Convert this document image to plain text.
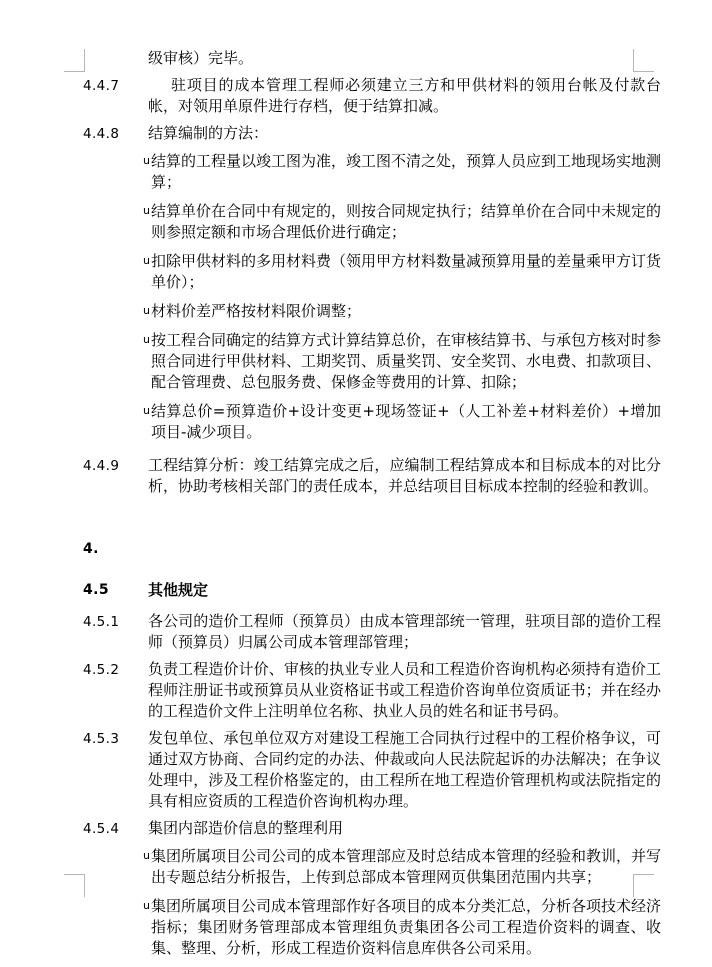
级审核）完毕。
4.4.7	驻项目的成本管理工程师必须建立三方和甲供材料的领用台帐及付款台帐，对领用单原件进行存档，便于结算扣减。
4.4.8	结算编制的方法：
u 结算的工程量以竣工图为准，竣工图不清之处，预算人员应到工地现场实地测算；
u 结算单价在合同中有规定的，则按合同规定执行；结算单价在合同中未规定的则参照定额和市场合理低价进行确定；
u 扣除甲供材料的多用材料费（领用甲方材料数量减预算用量的差量乘甲方订货单价）；
u 材料价差严格按材料限价调整；
u 按工程合同确定的结算方式计算结算总价，在审核结算书、与承包方核对时参照合同进行甲供材料、工期奖罚、质量奖罚、安全奖罚、水电费、扣款项目、配合管理费、总包服务费、保修金等费用的计算、扣除；
u 结算总价=预算造价+设计变更+现场签证+（人工补差+材料差价）+增加项目-减少项目。
4.4.9	工程结算分析：竣工结算完成之后，应编制工程结算成本和目标成本的对比分析，协助考核相关部门的责任成本，并总结项目目标成本控制的经验和教训。
4.
4.5	其他规定
4.5.1	各公司的造价工程师（预算员）由成本管理部统一管理，驻项目部的造价工程师（预算员）归属公司成本管理部管理；
4.5.2	负责工程造价计价、审核的执业专业人员和工程造价咨询机构必须持有造价工程师注册证书或预算员从业资格证书或工程造价咨询单位资质证书；并在经办的工程造价文件上注明单位名称、执业人员的姓名和证书号码。
4.5.3	发包单位、承包单位双方对建设工程施工合同执行过程中的工程价格争议，可通过双方协商、合同约定的办法、仲裁或向人民法院起诉的办法解决；在争议处理中，涉及工程价格鉴定的，由工程所在地工程造价管理机构或法院指定的具有相应资质的工程造价咨询机构办理。
4.5.4	集团内部造价信息的整理利用
u 集团所属项目公司公司的成本管理部应及时总结成本管理的经验和教训，并写出专题总结分析报告，上传到总部成本管理网页供集团范围内共享；
u 集团所属项目公司成本管理部作好各项目的成本分类汇总，分析各项技术经济指标；集团财务管理部成本管理组负责集团各公司工程造价资料的调查、收集、整理、分析，形成工程造价资料信息库供各公司采用。
